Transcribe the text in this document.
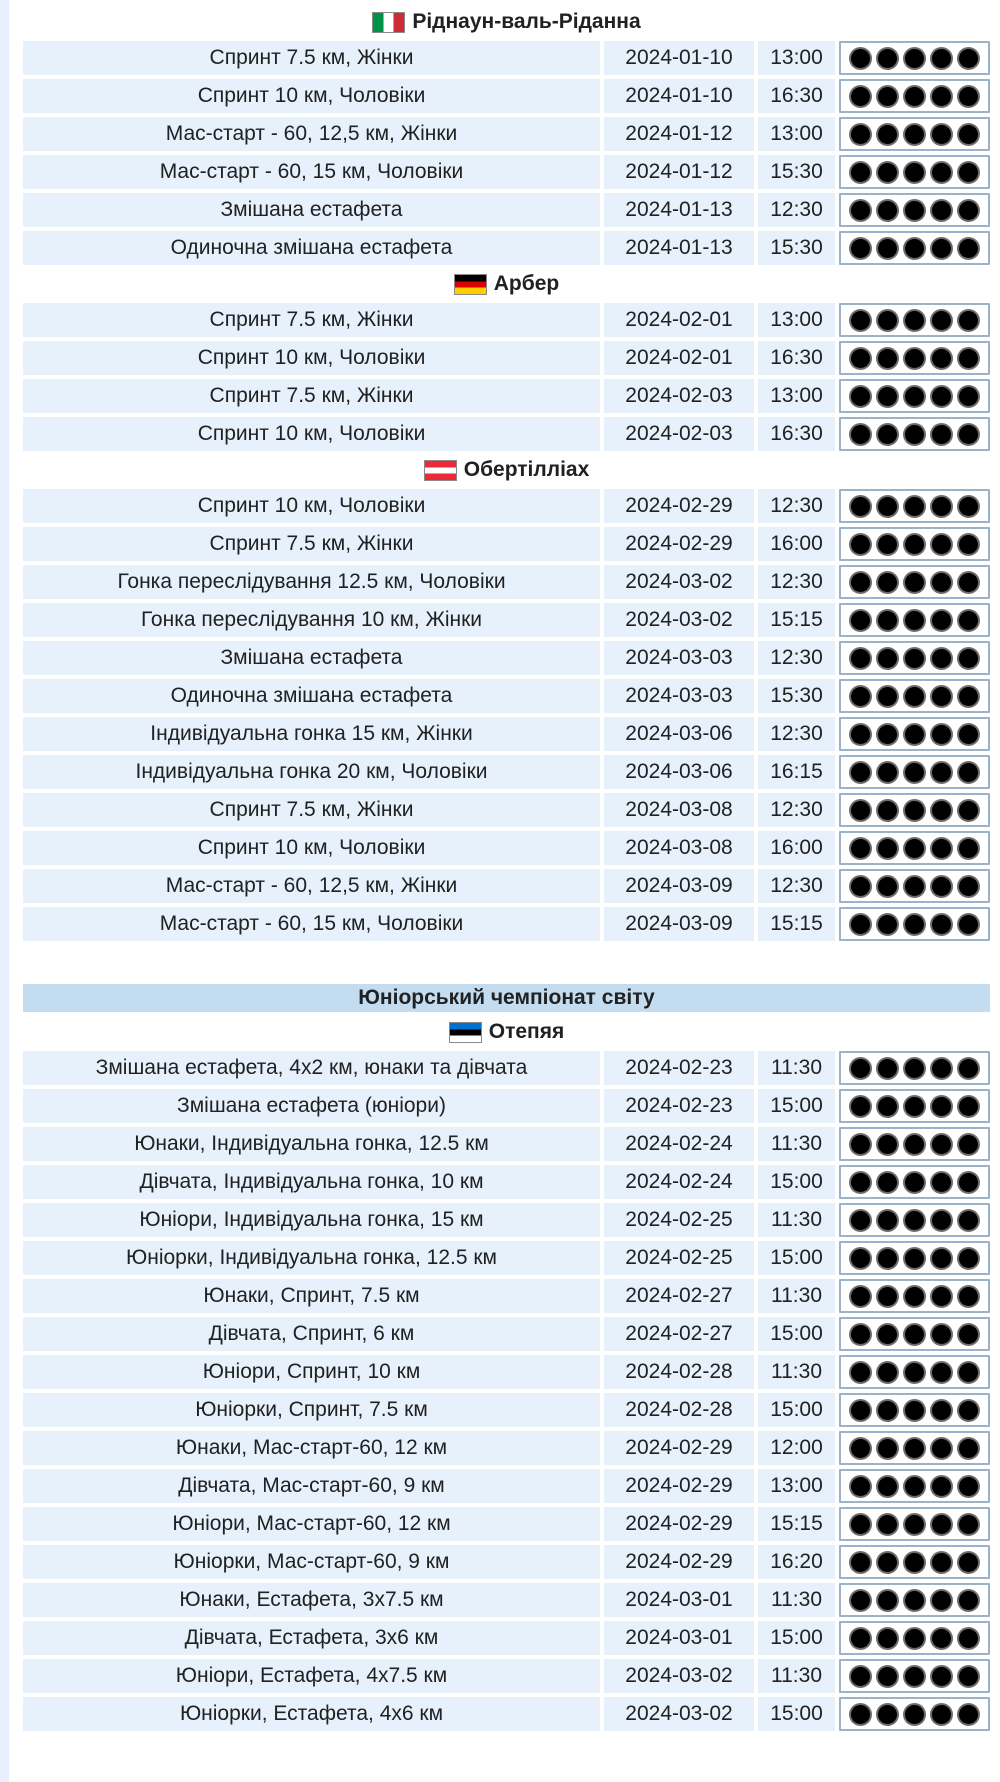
Ріднаун-валь-Ріданна
Спринт 7.5 км, Жінки	2024-01-10	13:00
Спринт 10 км, Чоловіки	2024-01-10	16:30
Мас-старт - 60, 12,5 км, Жінки	2024-01-12	13:00
Мас-старт - 60, 15 км, Чоловіки	2024-01-12	15:30
Змішана естафета	2024-01-13	12:30
Одиночна змішана естафета	2024-01-13	15:30
Арбер
Спринт 7.5 км, Жінки	2024-02-01	13:00
Спринт 10 км, Чоловіки	2024-02-01	16:30
Спринт 7.5 км, Жінки	2024-02-03	13:00
Спринт 10 км, Чоловіки	2024-02-03	16:30
Обертілліах
Спринт 10 км, Чоловіки	2024-02-29	12:30
Спринт 7.5 км, Жінки	2024-02-29	16:00
Гонка переслідування 12.5 км, Чоловіки	2024-03-02	12:30
Гонка переслідування 10 км, Жінки	2024-03-02	15:15
Змішана естафета	2024-03-03	12:30
Одиночна змішана естафета	2024-03-03	15:30
Індивідуальна гонка 15 км, Жінки	2024-03-06	12:30
Індивідуальна гонка 20 км, Чоловіки	2024-03-06	16:15
Спринт 7.5 км, Жінки	2024-03-08	12:30
Спринт 10 км, Чоловіки	2024-03-08	16:00
Мас-старт - 60, 12,5 км, Жінки	2024-03-09	12:30
Мас-старт - 60, 15 км, Чоловіки	2024-03-09	15:15
Юніорський чемпіонат світу
Отепяя
Змішана естафета, 4х2 км, юнаки та дівчата	2024-02-23	11:30
Змішана естафета (юніори)	2024-02-23	15:00
Юнаки, Індивідуальна гонка, 12.5 км	2024-02-24	11:30
Дівчата, Індивідуальна гонка, 10 км	2024-02-24	15:00
Юніори, Індивідуальна гонка, 15 км	2024-02-25	11:30
Юніорки, Індивідуальна гонка, 12.5 км	2024-02-25	15:00
Юнаки, Спринт, 7.5 км	2024-02-27	11:30
Дівчата, Спринт, 6 км	2024-02-27	15:00
Юніори, Спринт, 10 км	2024-02-28	11:30
Юніорки, Спринт, 7.5 км	2024-02-28	15:00
Юнаки, Мас-старт-60, 12 км	2024-02-29	12:00
Дівчата, Мас-старт-60, 9 км	2024-02-29	13:00
Юніори, Мас-старт-60, 12 км	2024-02-29	15:15
Юніорки, Мас-старт-60, 9 км	2024-02-29	16:20
Юнаки, Естафета, 3х7.5 км	2024-03-01	11:30
Дівчата, Естафета, 3х6 км	2024-03-01	15:00
Юніори, Естафета, 4х7.5 км	2024-03-02	11:30
Юніорки, Естафета, 4х6 км	2024-03-02	15:00
